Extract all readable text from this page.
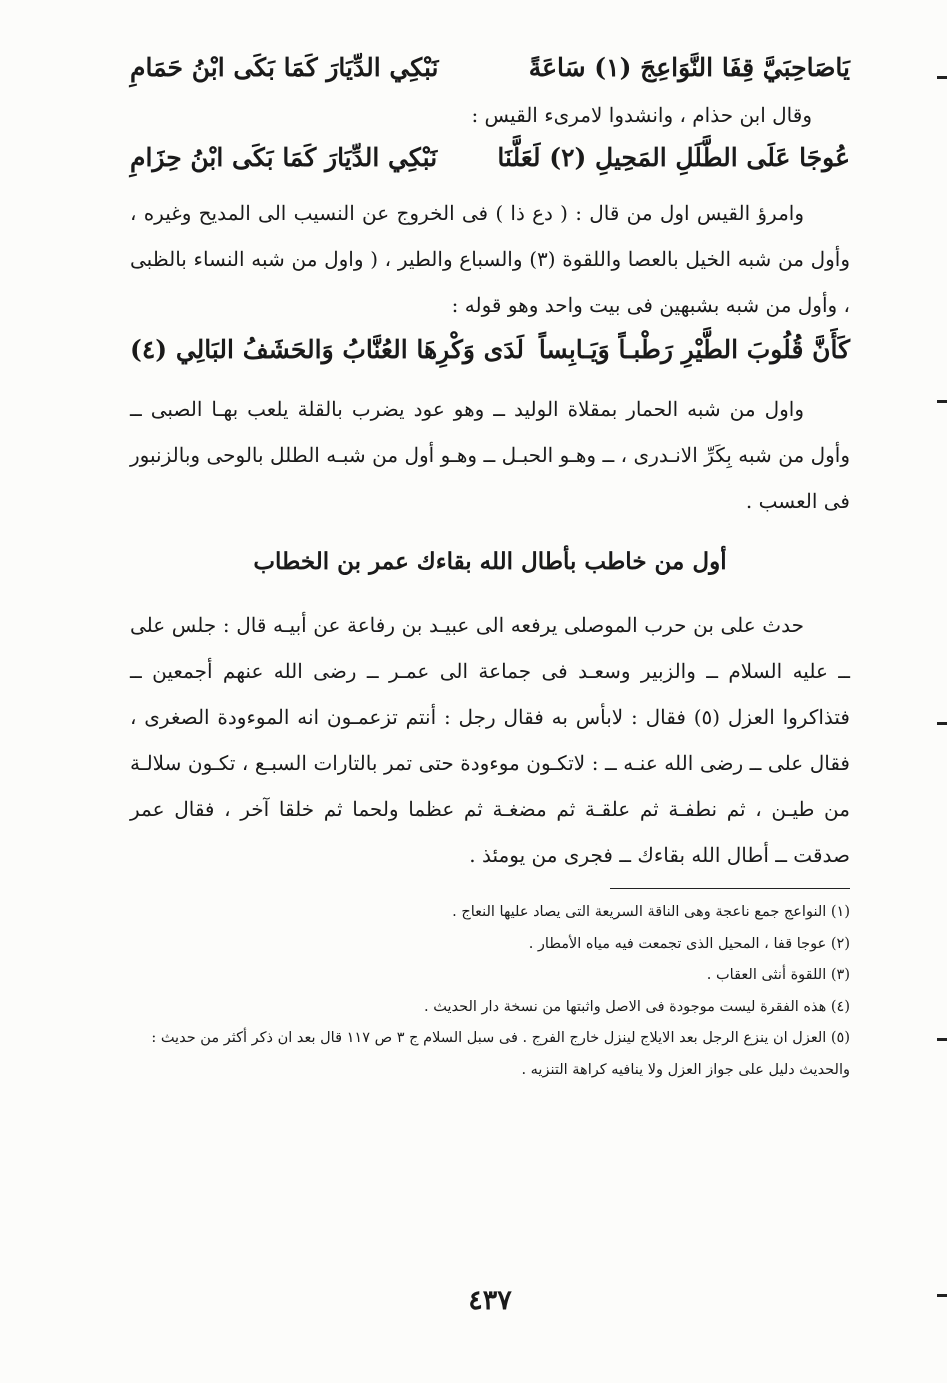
يَاصَاحِبَيَّ قِفَا النَّوَاعِجَ (١) سَاعَةً
نَبْكِي الدِّيَارَ كَمَا بَكَى ابْنُ حَمَامِ
وقال ابن حذام ، وانشدوا لامرىء القيس :
عُوجَا عَلَى الطَّلَلِ المَحِيلِ (٢) لَعَلَّنَا
نَبْكِي الدِّيَارَ كَمَا بَكَى ابْنُ حِزَامِ
وامرؤ القيس اول من قال : ( دع ذا ) فى الخروج عن النسيب الى المديح وغيره ، وأول من شبه الخيل بالعصا واللقوة (٣) والسباع والطير ، ( واول من شبه النساء بالظبى ، وأول من شبه بشبهين فى بيت واحد وهو قوله :
كَأَنَّ قُلُوبَ الطَّيْرِ رَطْبـاً وَيَـابِساً
لَدَى وَكْرِهَا العُنَّابُ وَالحَشَفُ البَالِي (٤)
واول من شبه الحمار بمقلاة الوليد ــ وهو عود يضرب بالقلة يلعب بهـا الصبى ــ وأول من شبه بِكَرِّ الانـدرى ، ــ وهـو الحبـل ــ وهـو أول من شبـه الطلل بالوحى وبالزنبور فى العسب .
أول من خاطب بأطال الله بقاءك عمر بن الخطاب
حدث على بن حرب الموصلى يرفعه الى عبيـد بن رفاعة عن أبيـه قال : جلس على ــ عليه السلام ــ والزبير وسعـد فى جماعة الى عمـر ــ رضى الله عنهم أجمعين ــ فتذاكروا العزل (٥) فقال : لابأس به فقال رجل : أنتم تزعمـون انه الموءودة الصغرى ، فقال على ــ رضى الله عنـه ــ : لاتكـون موءودة حتى تمر بالتارات السبـع ، تكـون سلالـة من طيـن ، ثم نطفـة ثم علقـة ثم مضغـة ثم عظما ولحما ثم خلقا آخر ، فقال عمر صدقت ــ أطال الله بقاءك ــ فجرى من يومئذ .
(١) النواعج جمع ناعجة وهى الناقة السريعة التى يصاد عليها النعاج .
(٢) عوجا قفا ، المحيل الذى تجمعت فيه مياه الأمطار .
(٣) اللقوة أنثى العقاب .
(٤) هذه الفقرة ليست موجودة فى الاصل واثبتها من نسخة دار الحديث .
(٥) العزل ان ينزع الرجل بعد الايلاج لينزل خارج الفرج . فى سبل السلام ج ٣ ص ١١٧ قال بعد ان ذكر أكثر من حديث : والحديث دليل على جواز العزل ولا ينافيه كراهة التنزيه .
٤٣٧
